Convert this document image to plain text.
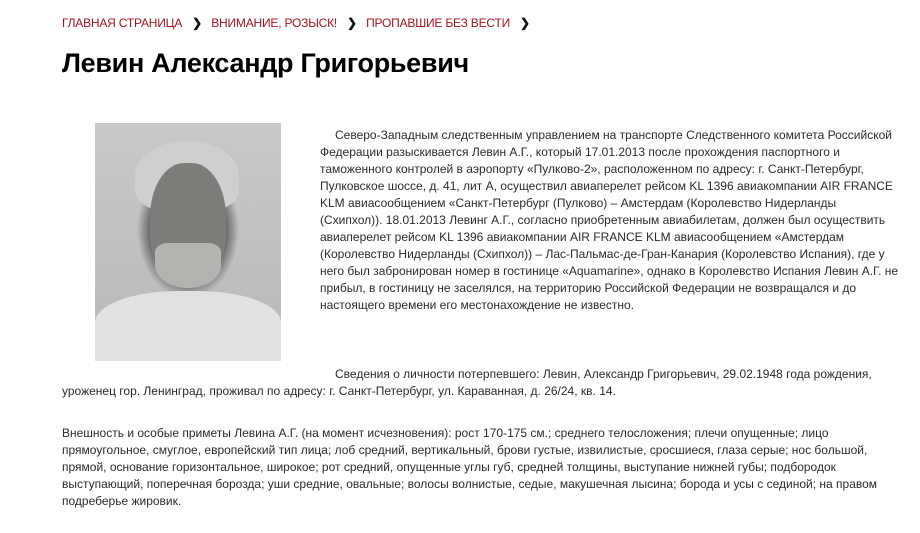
ГЛАВНАЯ СТРАНИЦА ❯ ВНИМАНИЕ, РОЗЫСК! ❯ ПРОПАВШИЕ БЕЗ ВЕСТИ ❯
Левин Александр Григорьевич

Северо-Западным следственным управлением на транспорте Следственного комитета Российской Федерации разыскивается Левин А.Г., который 17.01.2013 после прохождения паспортного и таможенного контролей в аэропорту «Пулково-2», расположенном по адресу: г. Санкт-Петербург, Пулковское шоссе, д. 41, лит А, осуществил авиаперелет рейсом KL 1396 авиакомпании AIR FRANCE KLM авиасообщением «Санкт-Петербург (Пулково) – Амстердам (Королевство Нидерланды (Схипхол)). 18.01.2013 Левинг А.Г., согласно приобретенным авиабилетам, должен был осуществить авиаперелет рейсом KL 1396 авиакомпании AIR FRANCE KLM авиасообщением «Амстердам (Королевство Нидерланды (Схипхол)) – Лас-Пальмас-де-Гран-Канария (Королевство Испания), где у него был забронирован номер в гостинице «Aquamarine», однако в Королевство Испания Левин А.Г. не прибыл, в гостиницу не заселялся, на территорию Российской Федерации не возвращался и до настоящего времени его местонахождение не известно.

Сведения о личности потерпевшего: Левин, Александр Григорьевич, 29.02.1948 года рождения, уроженец гор. Ленинград, проживал по адресу: г. Санкт-Петербург, ул. Караванная, д. 26/24, кв. 14.

Внешность и особые приметы Левина А.Г. (на момент исчезновения): рост 170-175 см.; среднего телосложения; плечи опущенные; лицо прямоугольное, смуглое, европейский тип лица; лоб средний, вертикальный, брови густые, извилистые, сросшиеся, глаза серые; нос большой, прямой, основание горизонтальное, широкое; рот средний, опущенные углы губ, средней толщины, выступание нижней губы; подбородок выступающий, поперечная борозда; уши средние, овальные; волосы волнистые, седые, макушечная лысина; борода и усы с сединой; на правом подреберье жировик.
